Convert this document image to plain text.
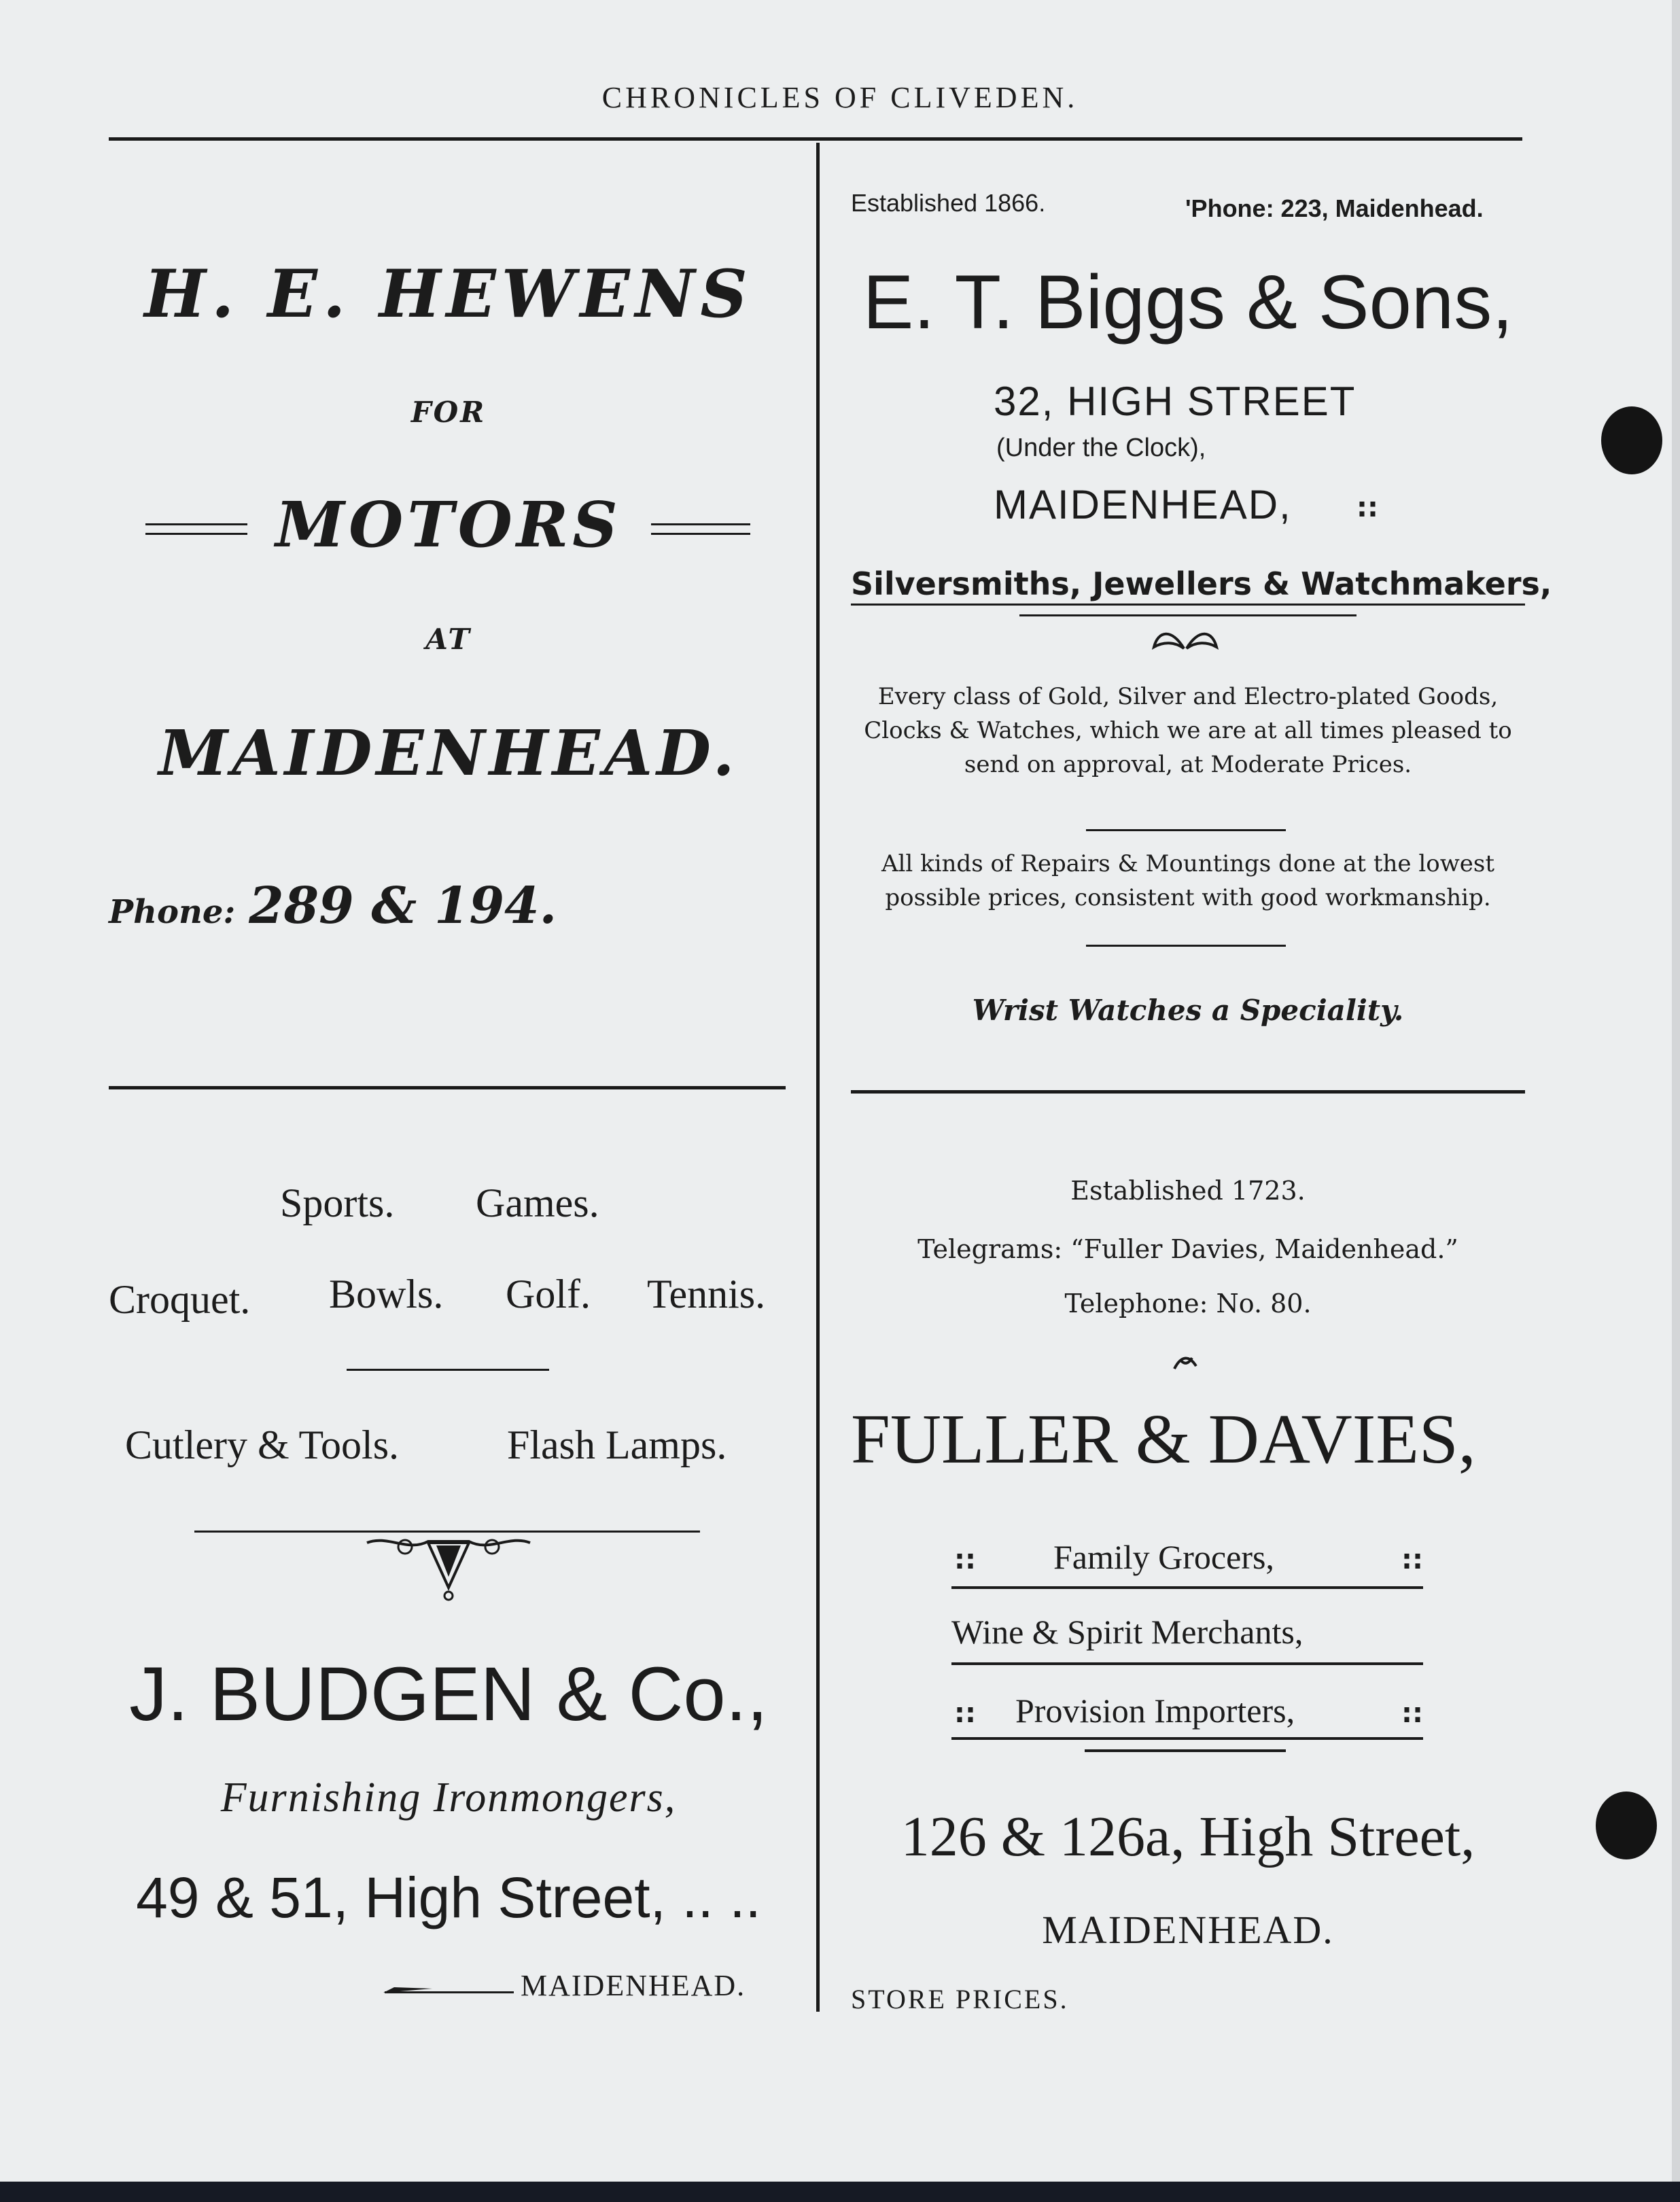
CHRONICLES OF CLIVEDEN.
H. E. HEWENS
FOR
MOTORS
AT
MAIDENHEAD.
Phone: 289 & 194.
Established 1866.	'Phone: 223, Maidenhead.
E. T. Biggs & Sons,
32, HIGH STREET
(Under the Clock),
MAIDENHEAD, ::
Silversmiths, Jewellers & Watchmakers,
Every class of Gold, Silver and Electro-plated Goods, Clocks & Watches, which we are at all times pleased to send on approval, at Moderate Prices.
All kinds of Repairs & Mountings done at the lowest possible prices, consistent with good workmanship.
Wrist Watches a Speciality.
Sports. Games.
Croquet. Bowls. Golf. Tennis.
Cutlery & Tools.	Flash Lamps.
J. BUDGEN & Co.,
Furnishing Ironmongers,
49 & 51, High Street, .. ..
MAIDENHEAD.
Established 1723.
Telegrams: “Fuller Davies, Maidenhead.”
Telephone: No. 80.
FULLER & DAVIES,
:: Family Grocers,	::
Wine & Spirit Merchants,
:: Provision Importers,	::
126 & 126a, High Street,
MAIDENHEAD.
STORE PRICES.
